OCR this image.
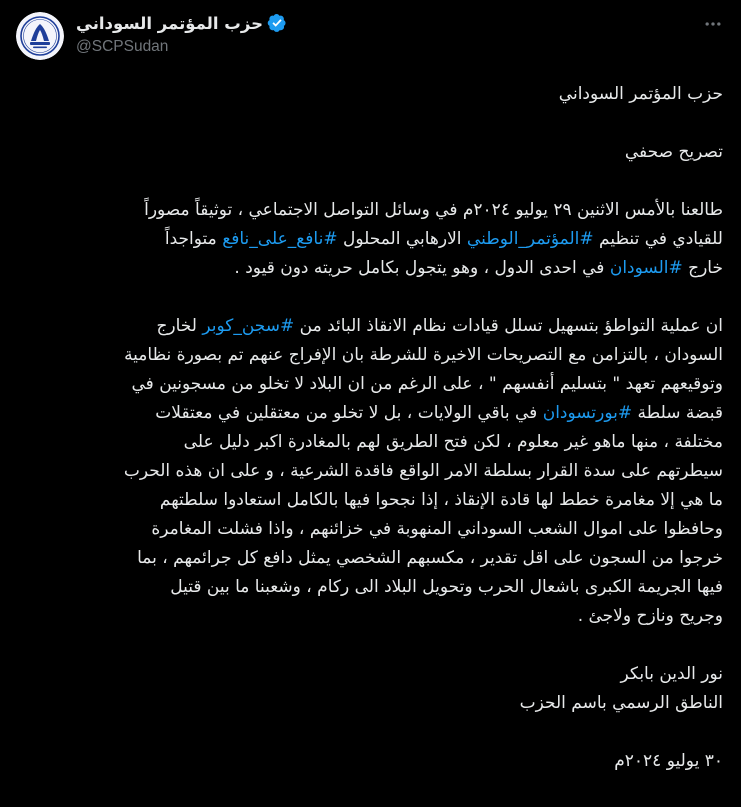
حزب المؤتمر السوداني
@SCPSudan

حزب المؤتمر السوداني

تصريح صحفي

طالعنا بالأمس الاثنين ٢٩ يوليو ٢٠٢٤م في وسائل التواصل الاجتماعي ، توثيقاً مصوراً

للقيادي في تنظيم #المؤتمر_الوطني الارهابي المحلول #نافع_على_نافع متواجداً

خارج #السودان في احدى الدول ، وهو يتجول بكامل حريته دون قيود .

ان عملية التواطؤ بتسهيل تسلل قيادات نظام الانقاذ البائد من #سجن_كوبر لخارج

السودان ، بالتزامن مع التصريحات الاخيرة للشرطة بان الإفراج عنهم تم بصورة نظامية

وتوقيعهم تعهد " بتسليم أنفسهم " ، على الرغم من ان البلاد لا تخلو من مسجونين في

قبضة سلطة #بورتسودان في باقي الولايات ، بل لا تخلو من معتقلين في معتقلات

مختلفة ، منها ماهو غير معلوم ، لكن فتح الطريق لهم بالمغادرة اكبر دليل على

سيطرتهم على سدة القرار بسلطة الامر الواقع فاقدة الشرعية ، و على ان هذه الحرب

ما هي إلا مغامرة خطط لها قادة الإنقاذ ، إذا نجحوا فيها بالكامل استعادوا سلطتهم

وحافظوا على اموال الشعب السوداني المنهوبة في خزائنهم ، واذا فشلت المغامرة

خرجوا من السجون على اقل تقدير ، مكسبهم الشخصي يمثل دافع كل جرائمهم ، بما

فيها الجريمة الكبرى باشعال الحرب وتحويل البلاد الى ركام ، وشعبنا ما بين قتيل

وجريح ونازح ولاجئ .

نور الدين بابكر

الناطق الرسمي باسم الحزب

٣٠ يوليو ٢٠٢٤م
